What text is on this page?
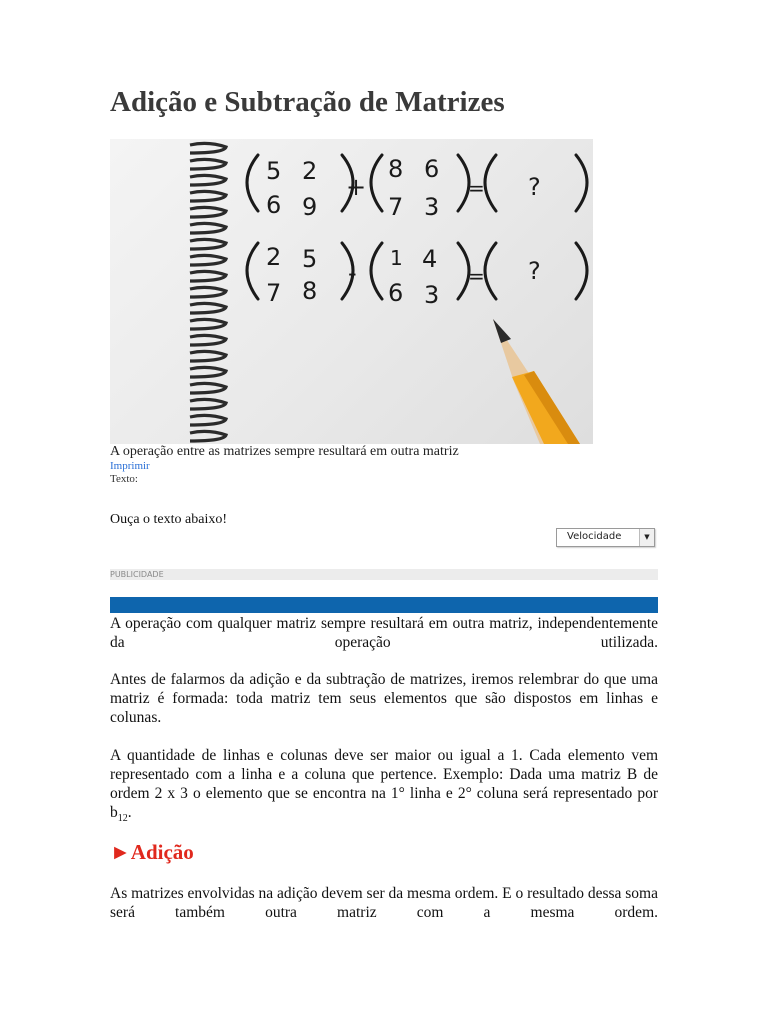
Adição e Subtração de Matrizes
5 2
6 9
+
8 6
7 3
= ?
2 5
7 8
-
1 4
6 3
= ?
A operação entre as matrizes sempre resultará em outra matriz
Imprimir
Texto:
Ouça o texto abaixo!
Velocidade	▼
PUBLICIDADE

A operação com qualquer matriz sempre resultará em outra matriz, independentemente da operação utilizada.

Antes de falarmos da adição e da subtração de matrizes, iremos relembrar do que uma matriz é formada: toda matriz tem seus elementos que são dispostos em linhas e colunas.

A quantidade de linhas e colunas deve ser maior ou igual a 1. Cada elemento vem representado com a linha e a coluna que pertence. Exemplo: Dada uma matriz B de ordem 2 x 3 o elemento que se encontra na 1° linha e 2° coluna será representado por $b_{12}$.

►Adição

As matrizes envolvidas na adição devem ser da mesma ordem. E o resultado dessa soma será também outra matriz com a mesma ordem.
